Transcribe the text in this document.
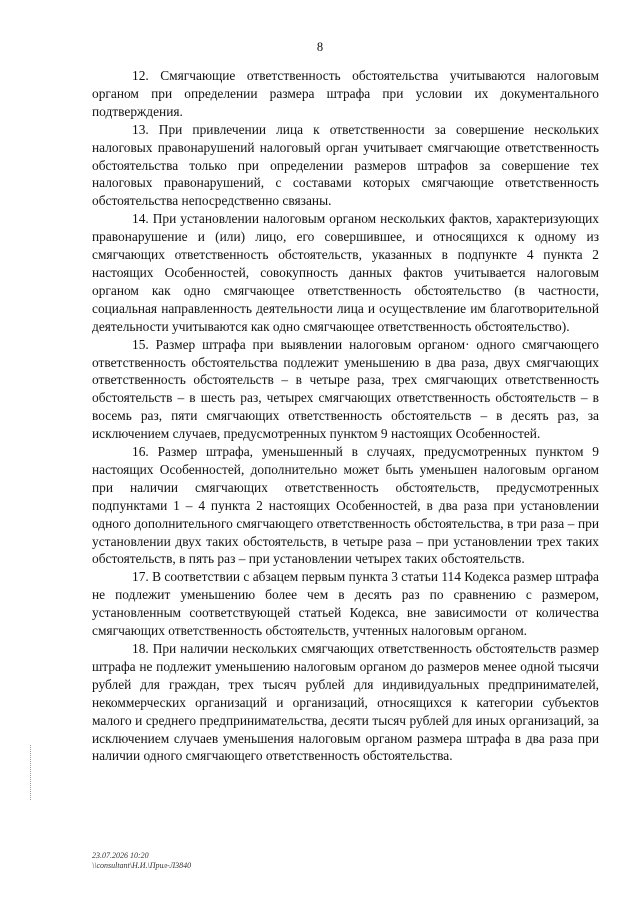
8

12. Смягчающие ответственность обстоятельства учитываются налоговым органом при определении размера штрафа при условии их документального подтверждения.

13. При привлечении лица к ответственности за совершение нескольких налоговых правонарушений налоговый орган учитывает смягчающие ответственность обстоятельства только при определении размеров штрафов за совершение тех налоговых правонарушений, с составами которых смягчающие ответственность обстоятельства непосредственно связаны.

14. При установлении налоговым органом нескольких фактов, характеризующих правонарушение и (или) лицо, его совершившее, и относящихся к одному из смягчающих ответственность обстоятельств, указанных в подпункте 4 пункта 2 настоящих Особенностей, совокупность данных фактов учитывается налоговым органом как одно смягчающее ответственность обстоятельство (в частности, социальная направленность деятельности лица и осуществление им благотворительной деятельности учитываются как одно смягчающее ответственность обстоятельство).

15. Размер штрафа при выявлении налоговым органом· одного смягчающего ответственность обстоятельства подлежит уменьшению в два раза, двух смягчающих ответственность обстоятельств – в четыре раза, трех смягчающих ответственность обстоятельств – в шесть раз, четырех смягчающих ответственность обстоятельств – в восемь раз, пяти смягчающих ответственность обстоятельств – в десять раз, за исключением случаев, предусмотренных пунктом 9 настоящих Особенностей.

16. Размер штрафа, уменьшенный в случаях, предусмотренных пунктом 9 настоящих Особенностей, дополнительно может быть уменьшен налоговым органом при наличии смягчающих ответственность обстоятельств, предусмотренных подпунктами 1 – 4 пункта 2 настоящих Особенностей, в два раза при установлении одного дополнительного смягчающего ответственность обстоятельства, в три раза – при установлении двух таких обстоятельств, в четыре раза – при установлении трех таких обстоятельств, в пять раз – при установлении четырех таких обстоятельств.

17. В соответствии с абзацем первым пункта 3 статьи 114 Кодекса размер штрафа не подлежит уменьшению более чем в десять раз по сравнению с размером, установленным соответствующей статьей Кодекса, вне зависимости от количества смягчающих ответственность обстоятельств, учтенных налоговым органом.

18. При наличии нескольких смягчающих ответственность обстоятельств размер штрафа не подлежит уменьшению налоговым органом до размеров менее одной тысячи рублей для граждан, трех тысяч рублей для индивидуальных предпринимателей, некоммерческих организаций и организаций, относящихся к категории субъектов малого и среднего предпринимательства, десяти тысяч рублей для иных организаций, за исключением случаев уменьшения налоговым органом размера штрафа в два раза при наличии одного смягчающего ответственность обстоятельства.

23.07.2026 10:20
\\consultant\Н.И.\Прил-Л3840
